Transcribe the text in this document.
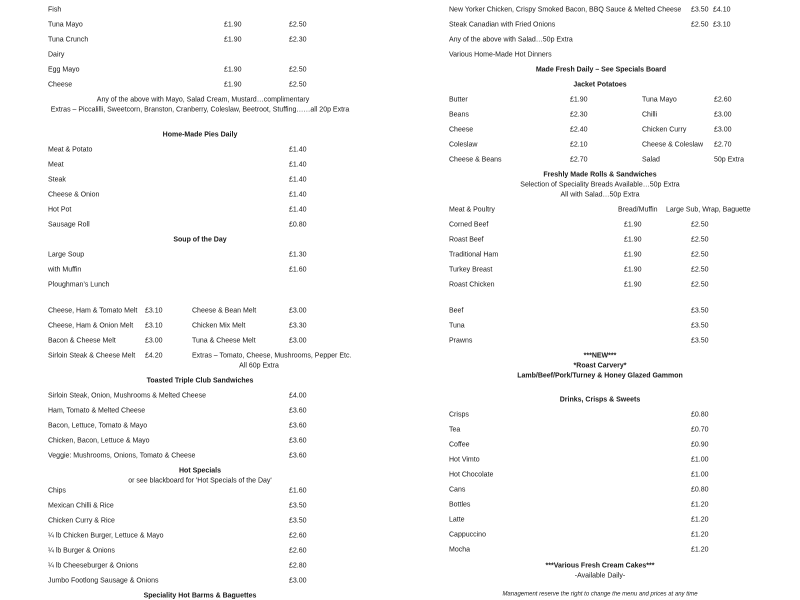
Fish
Tuna Mayo	£1.90	£2.50
Tuna Crunch	£1.90	£2.30
Dairy
Egg Mayo	£1.90	£2.50
Cheese	£1.90	£2.50
Any of the above with Mayo, Salad Cream, Mustard…complimentary
Extras – Piccalilli, Sweetcorn, Branston, Cranberry, Coleslaw, Beetroot, Stuffing……all 20p Extra
Home-Made Pies Daily
Meat & Potato	£1.40
Meat	£1.40
Steak	£1.40
Cheese & Onion	£1.40
Hot Pot	£1.40
Sausage Roll	£0.80
Soup of the Day
Large Soup	£1.30
with Muffin	£1.60
Ploughman’s Lunch
Cheese, Ham & Tomato Melt £3.10	Cheese & Bean Melt	£3.00
Cheese, Ham & Onion Melt £3.10	Chicken Mix Melt	£3.30
Bacon & Cheese Melt	£3.00	Tuna & Cheese Melt	£3.00
Sirloin Steak & Cheese Melt £4.20	Extras – Tomato, Cheese, Mushrooms, Pepper Etc.
All 60p Extra
Toasted Triple Club Sandwiches
Sirloin Steak, Onion, Mushrooms & Melted Cheese	£4.00
Ham, Tomato & Melted Cheese	£3.60
Bacon, Lettuce, Tomato & Mayo	£3.60
Chicken, Bacon, Lettuce & Mayo	£3.60
Veggie: Mushrooms, Onions, Tomato & Cheese	£3.60
Hot Specials
or see blackboard for 'Hot Specials of the Day'
Chips	£1.60
Mexican Chilli & Rice	£3.50
Chicken Curry & Rice	£3.50
¼ lb Chicken Burger, Lettuce & Mayo	£2.60
¼ lb Burger & Onions	£2.60
¼ lb Cheeseburger & Onions	£2.80
Jumbo Footlong Sausage & Onions	£3.00
Speciality Hot Barms & Baguettes
New Yorker Chicken, Crispy Smoked Bacon, BBQ Sauce & Melted Cheese £3.50 £4.10
Steak Canadian with Fried Onions	£2.50 £3.10
Any of the above with Salad…50p Extra
Various Home-Made Hot Dinners
Made Fresh Daily – See Specials Board
Jacket Potatoes
Butter	£1.90	Tuna Mayo	£2.60
Beans	£2.30	Chilli	£3.00
Cheese	£2.40	Chicken Curry	£3.00
Coleslaw	£2.10	Cheese & Coleslaw £2.70
Cheese & Beans	£2.70	Salad	50p Extra
Freshly Made Rolls & Sandwiches
Selection of Speciality Breads Available…50p Extra
All with Salad…50p Extra
Meat & Poultry	Bread/Muffin Large Sub, Wrap, Baguette
Corned Beef	£1.90	£2.50
Roast Beef	£1.90	£2.50
Traditional Ham	£1.90	£2.50
Turkey Breast	£1.90	£2.50
Roast Chicken	£1.90	£2.50
Beef	£3.50
Tuna	£3.50
Prawns	£3.50
***NEW***
*Roast Carvery*
Lamb/Beef/Pork/Turney & Honey Glazed Gammon
Drinks, Crisps & Sweets
Crisps	£0.80
Tea	£0.70
Coffee	£0.90
Hot Vimto	£1.00
Hot Chocolate	£1.00
Cans	£0.80
Bottles	£1.20
Latte	£1.20
Cappuccino	£1.20
Mocha	£1.20
***Various Fresh Cream Cakes***
-Available Daily-
Management reserve the right to change the menu and prices at any time
